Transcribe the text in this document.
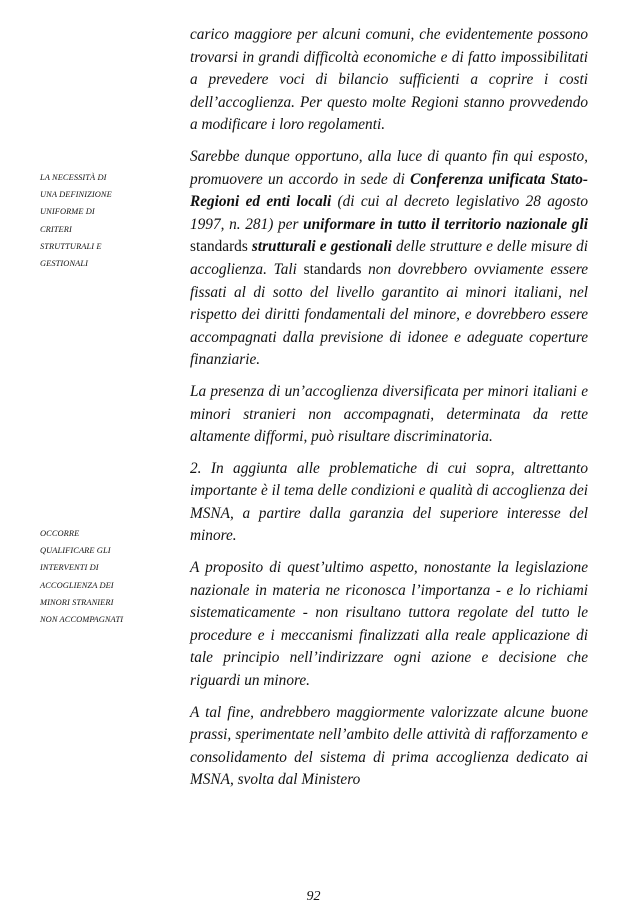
LA NECESSITÀ DI
UNA DEFINIZIONE
UNIFORME DI
CRITERI
STRUTTURALI E
GESTIONALI
OCCORRE
QUALIFICARE GLI
INTERVENTI DI
ACCOGLIENZA DEI
MINORI STRANIERI
NON ACCOMPAGNATI

carico maggiore per alcuni comuni, che evidentemente possono trovarsi in grandi difficoltà economiche e di fatto impossibilitati a prevedere voci di bilancio sufficienti a coprire i costi dell’accoglienza. Per questo molte Regioni stanno provvedendo a modificare i loro regolamenti.

Sarebbe dunque opportuno, alla luce di quanto fin qui esposto, promuovere un accordo in sede di Conferenza unificata Stato-Regioni ed enti locali (di cui al decreto legislativo 28 agosto 1997, n. 281) per uniformare in tutto il territorio nazionale gli standards strutturali e gestionali delle strutture e delle misure di accoglienza. Tali standards non dovrebbero ovviamente essere fissati al di sotto del livello garantito ai minori italiani, nel rispetto dei diritti fondamentali del minore, e dovrebbero essere accompagnati dalla previsione di idonee e adeguate coperture finanziarie.

La presenza di un’accoglienza diversificata per minori italiani e minori stranieri non accompagnati, determinata da rette altamente difformi, può risultare discriminatoria.

2. In aggiunta alle problematiche di cui sopra, altrettanto importante è il tema delle condizioni e qualità di accoglienza dei MSNA, a partire dalla garanzia del superiore interesse del minore.

A proposito di quest’ultimo aspetto, nonostante la legislazione nazionale in materia ne riconosca l’importanza - e lo richiami sistematicamente - non risultano tuttora regolate del tutto le procedure e i meccanismi finalizzati alla reale applicazione di tale principio nell’indirizzare ogni azione e decisione che riguardi un minore.

A tal fine, andrebbero maggiormente valorizzate alcune buone prassi, sperimentate nell’ambito delle attività di rafforzamento e consolidamento del sistema di prima accoglienza dedicato ai MSNA, svolta dal Ministero

92
